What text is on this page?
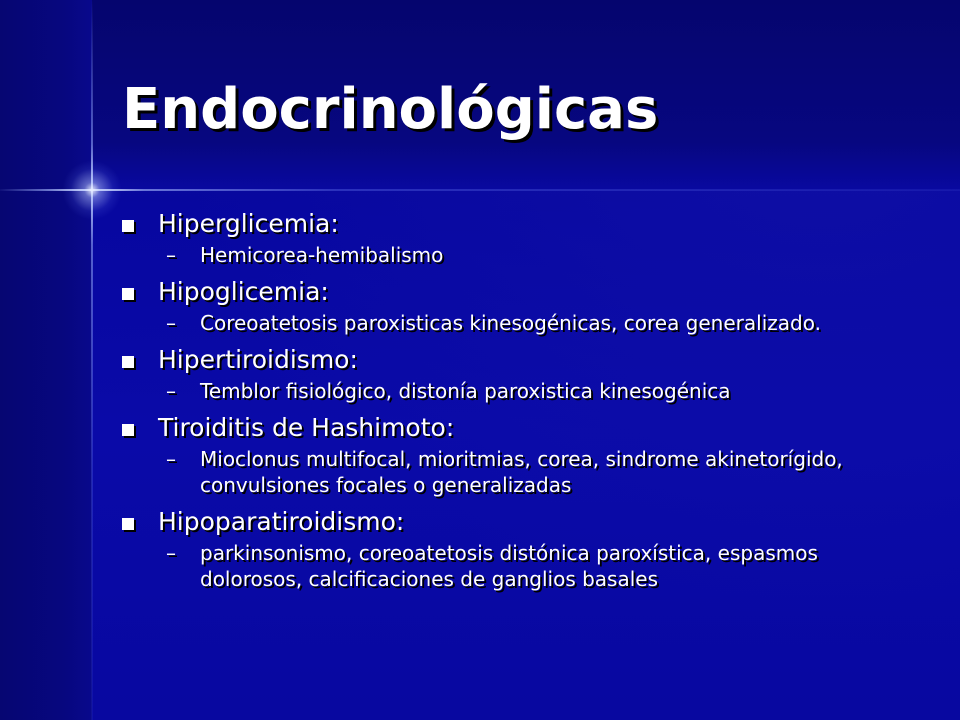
Endocrinológicas
Hiperglicemia:
–	Hemicorea-hemibalismo
Hipoglicemia:
–	Coreoatetosis paroxisticas kinesogénicas, corea generalizado.
Hipertiroidismo:
–	Temblor fisiológico, distonía paroxistica kinesogénica
Tiroiditis de Hashimoto:
–	Mioclonus multifocal, mioritmias, corea, sindrome akinetorígido, convulsiones focales o generalizadas
Hipoparatiroidismo:
–	parkinsonismo, coreoatetosis distónica paroxística, espasmos dolorosos, calcificaciones de ganglios basales
